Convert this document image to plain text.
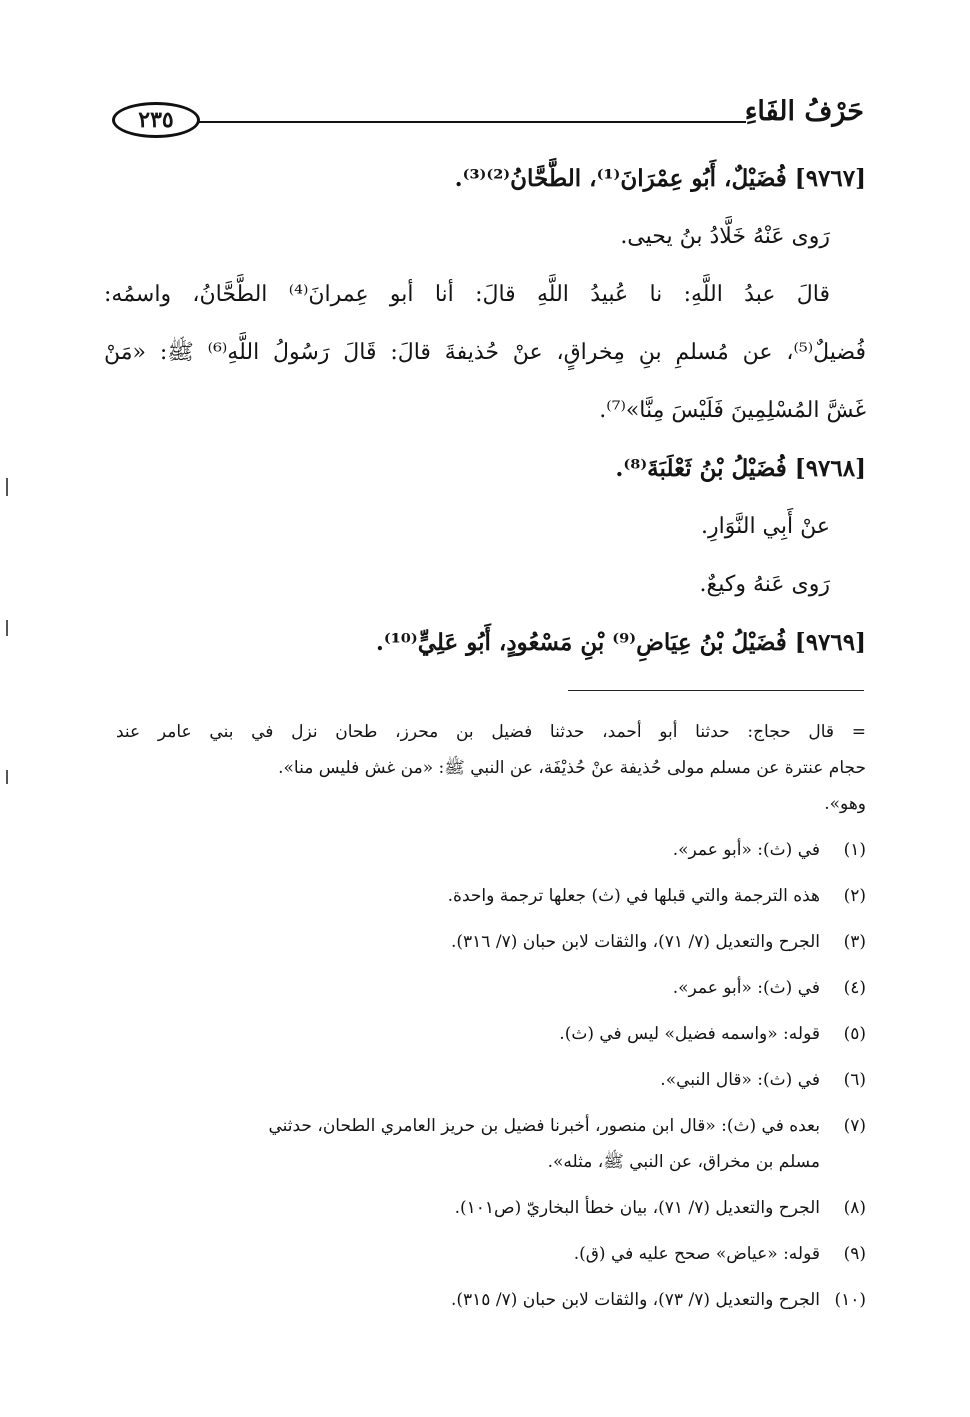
٢٣٥	حَرْفُ الفَاءِ
[٩٧٦٧] فُضَيْلٌ، أَبُو عِمْرَانَ⁽¹⁾، الطَّحَّانُ⁽²⁾⁽³⁾.
رَوى عَنْهُ خَلَّادُ بنُ يحيى.
قالَ عبدُ اللَّهِ: نا عُبيدُ اللَّهِ قالَ: أنا أبو عِمرانَ⁽⁴⁾ الطَّحَّانُ، واسمُه:
فُضيلٌ⁽⁵⁾، عن مُسلمِ بنِ مِخراقٍ، عنْ حُذيفةَ قالَ: قَالَ رَسُولُ اللَّهِ⁽⁶⁾ ﷺ: «مَنْ
غَشَّ المُسْلِمِينَ فَلَيْسَ مِنَّا»⁽⁷⁾.
[٩٧٦٨] فُضَيْلُ بْنُ ثَعْلَبَةَ⁽⁸⁾.
عنْ أَبِي النَّوَارِ.
رَوى عَنهُ وكيعٌ.
[٩٧٦٩] فُضَيْلُ بْنُ عِيَاضِ⁽⁹⁾ بْنِ مَسْعُودٍ، أَبُو عَلِيٍّ⁽¹⁰⁾.
= قال حجاج: حدثنا أبو أحمد، حدثنا فضيل بن محرز، طحان نزل في بني عامر عند
حجام عنترة عن مسلم مولى حُذيفة عنْ حُذيْفَة، عن النبي ﷺ: «من غش فليس منا».
وهو».
(١)في (ث): «أبو عمر».
(٢)هذه الترجمة والتي قبلها في (ث) جعلها ترجمة واحدة.
(٣)الجرح والتعديل (٧/ ٧١)، والثقات لابن حبان (٧/ ٣١٦).
(٤)في (ث): «أبو عمر».
(٥)قوله: «واسمه فضيل» ليس في (ث).
(٦)في (ث): «قال النبي».
(٧)بعده في (ث): «قال ابن منصور، أخبرنا فضيل بن حريز العامري الطحان، حدثني
مسلم بن مخراق، عن النبي ﷺ، مثله».
(٨)الجرح والتعديل (٧/ ٧١)، بيان خطأ البخاريّ (ص١٠١).
(٩)قوله: «عياض» صحح عليه في (ق).
(١٠)الجرح والتعديل (٧/ ٧٣)، والثقات لابن حبان (٧/ ٣١٥).
